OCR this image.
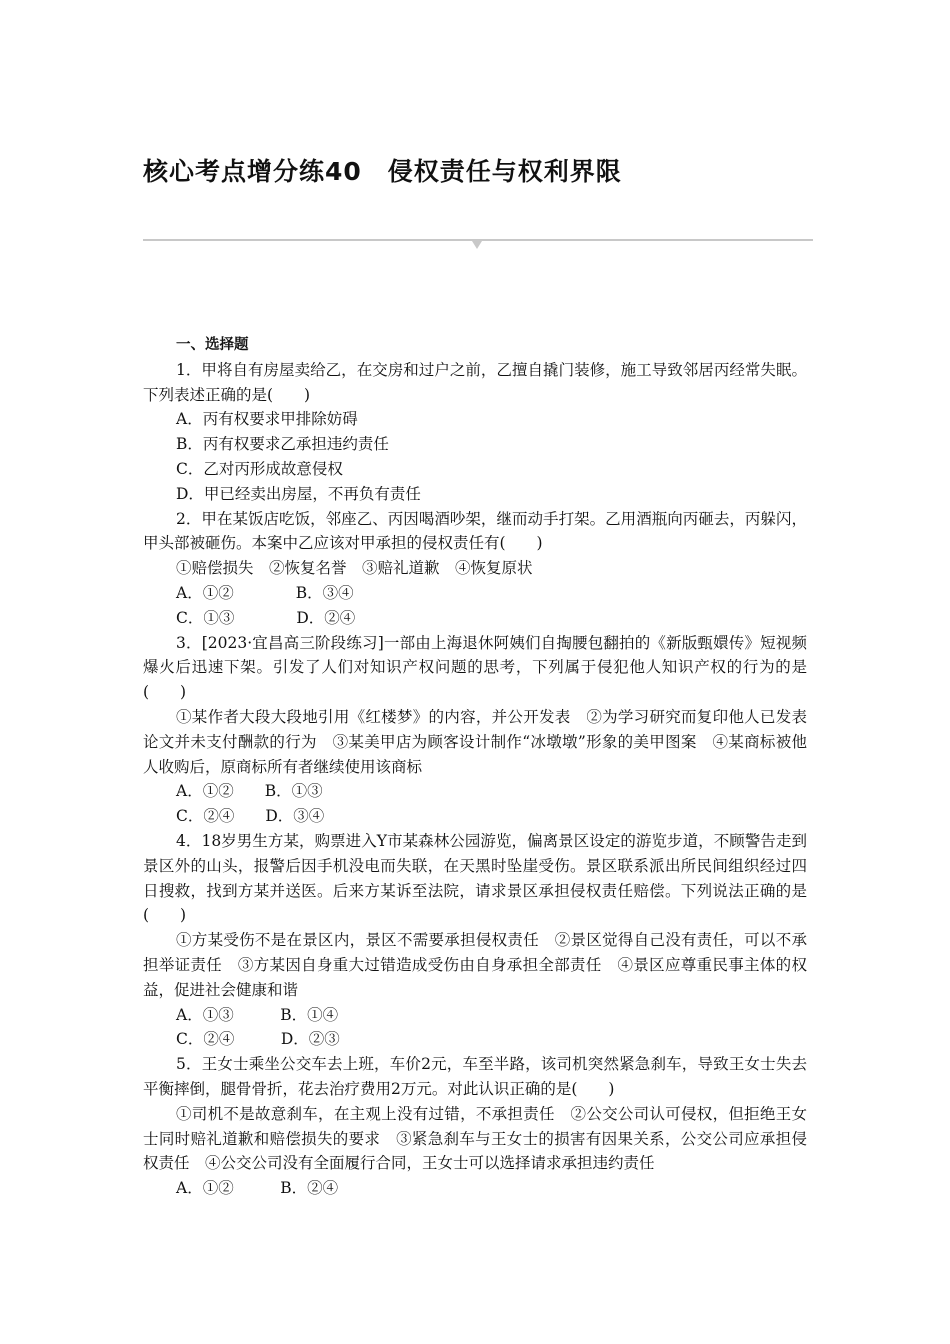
核心考点增分练40　侵权责任与权利界限

一、选择题

1．甲将自有房屋卖给乙，在交房和过户之前，乙擅自撬门装修，施工导致邻居丙经常失眠。下列表述正确的是(　　)

A．丙有权要求甲排除妨碍

B．丙有权要求乙承担违约责任

C．乙对丙形成故意侵权

D．甲已经卖出房屋，不再负有责任

2．甲在某饭店吃饭，邻座乙、丙因喝酒吵架，继而动手打架。乙用酒瓶向丙砸去，丙躲闪，甲头部被砸伤。本案中乙应该对甲承担的侵权责任有(　　)

①赔偿损失　②恢复名誉　③赔礼道歉　④恢复原状

A．①②　　　　B．③④

C．①③　　　　D．②④

3．[2023·宜昌高三阶段练习]一部由上海退休阿姨们自掏腰包翻拍的《新版甄嬛传》短视频爆火后迅速下架。引发了人们对知识产权问题的思考，下列属于侵犯他人知识产权的行为的是(　　)

①某作者大段大段地引用《红楼梦》的内容，并公开发表　②为学习研究而复印他人已发表论文并未支付酬款的行为　③某美甲店为顾客设计制作“冰墩墩”形象的美甲图案　④某商标被他人收购后，原商标所有者继续使用该商标

A．①②　　B．①③

C．②④　　D．③④

4．18岁男生方某，购票进入Y市某森林公园游览，偏离景区设定的游览步道，不顾警告走到景区外的山头，报警后因手机没电而失联，在天黑时坠崖受伤。景区联系派出所民间组织经过四日搜救，找到方某并送医。后来方某诉至法院，请求景区承担侵权责任赔偿。下列说法正确的是(　　)

①方某受伤不是在景区内，景区不需要承担侵权责任　②景区觉得自己没有责任，可以不承担举证责任　③方某因自身重大过错造成受伤由自身承担全部责任　④景区应尊重民事主体的权益，促进社会健康和谐

A．①③　　　B．①④

C．②④　　　D．②③

5．王女士乘坐公交车去上班，车价2元，车至半路，该司机突然紧急刹车，导致王女士失去平衡摔倒，腿骨骨折，花去治疗费用2万元。对此认识正确的是(　　)

①司机不是故意刹车，在主观上没有过错，不承担责任　②公交公司认可侵权，但拒绝王女士同时赔礼道歉和赔偿损失的要求　③紧急刹车与王女士的损害有因果关系，公交公司应承担侵权责任　④公交公司没有全面履行合同，王女士可以选择请求承担违约责任

A．①②　　　B．②④
